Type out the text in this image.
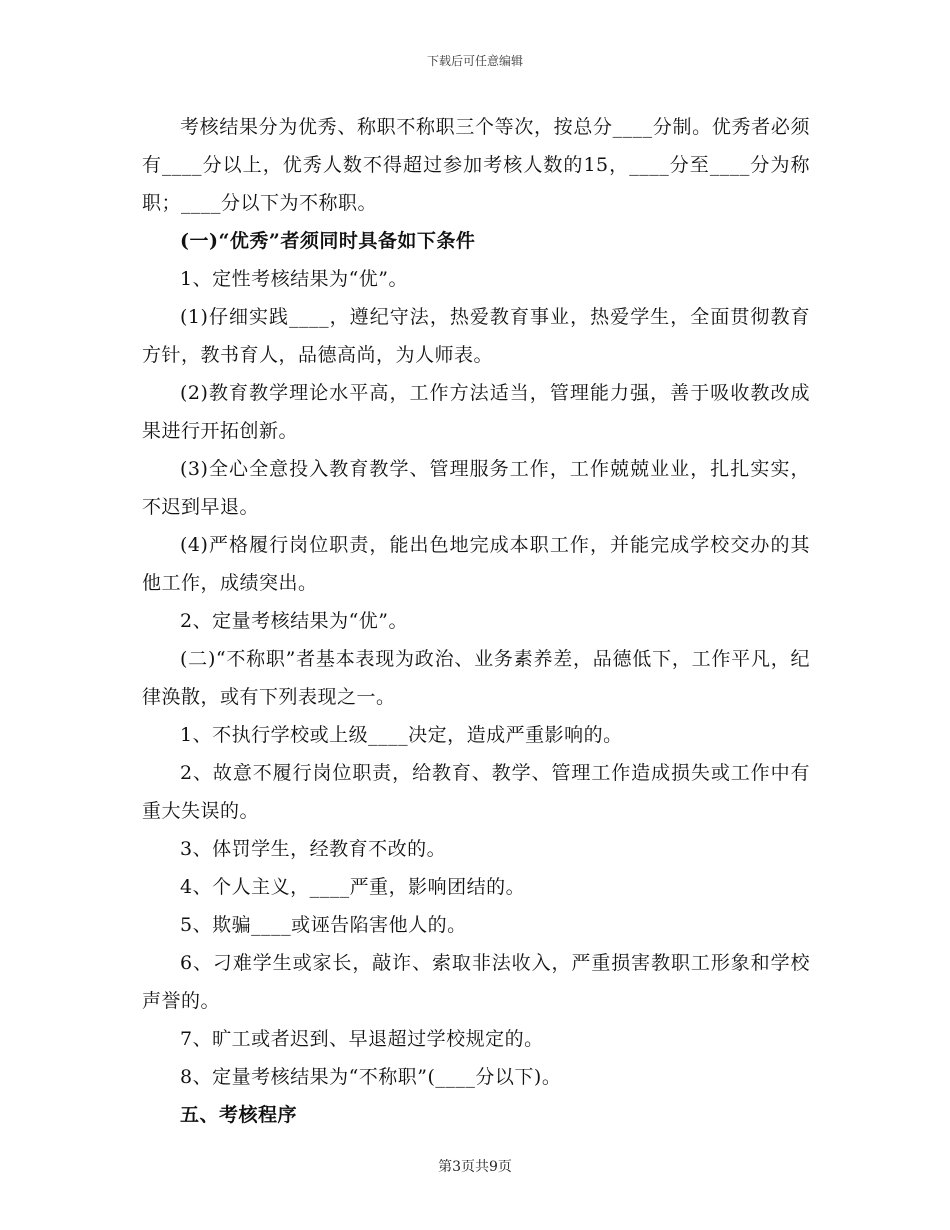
下载后可任意编辑

考核结果分为优秀、称职不称职三个等次，按总分____分制。优秀者必须有____分以上，优秀人数不得超过参加考核人数的15，____分至____分为称职；____分以下为不称职。

(一)“优秀”者须同时具备如下条件

1、定性考核结果为“优”。

(1)仔细实践____，遵纪守法，热爱教育事业，热爱学生，全面贯彻教育方针，教书育人，品德高尚，为人师表。

(2)教育教学理论水平高，工作方法适当，管理能力强，善于吸收教改成果进行开拓创新。

(3)全心全意投入教育教学、管理服务工作，工作兢兢业业，扎扎实实，不迟到早退。

(4)严格履行岗位职责，能出色地完成本职工作，并能完成学校交办的其他工作，成绩突出。

2、定量考核结果为“优”。

(二)“不称职”者基本表现为政治、业务素养差，品德低下，工作平凡，纪律涣散，或有下列表现之一。

1、不执行学校或上级____决定，造成严重影响的。

2、故意不履行岗位职责，给教育、教学、管理工作造成损失或工作中有重大失误的。

3、体罚学生，经教育不改的。

4、个人主义，____严重，影响团结的。

5、欺骗____或诬告陷害他人的。

6、刁难学生或家长，敲诈、索取非法收入，严重损害教职工形象和学校声誉的。

7、旷工或者迟到、早退超过学校规定的。

8、定量考核结果为“不称职”(____分以下)。

五、考核程序

第3页共9页
